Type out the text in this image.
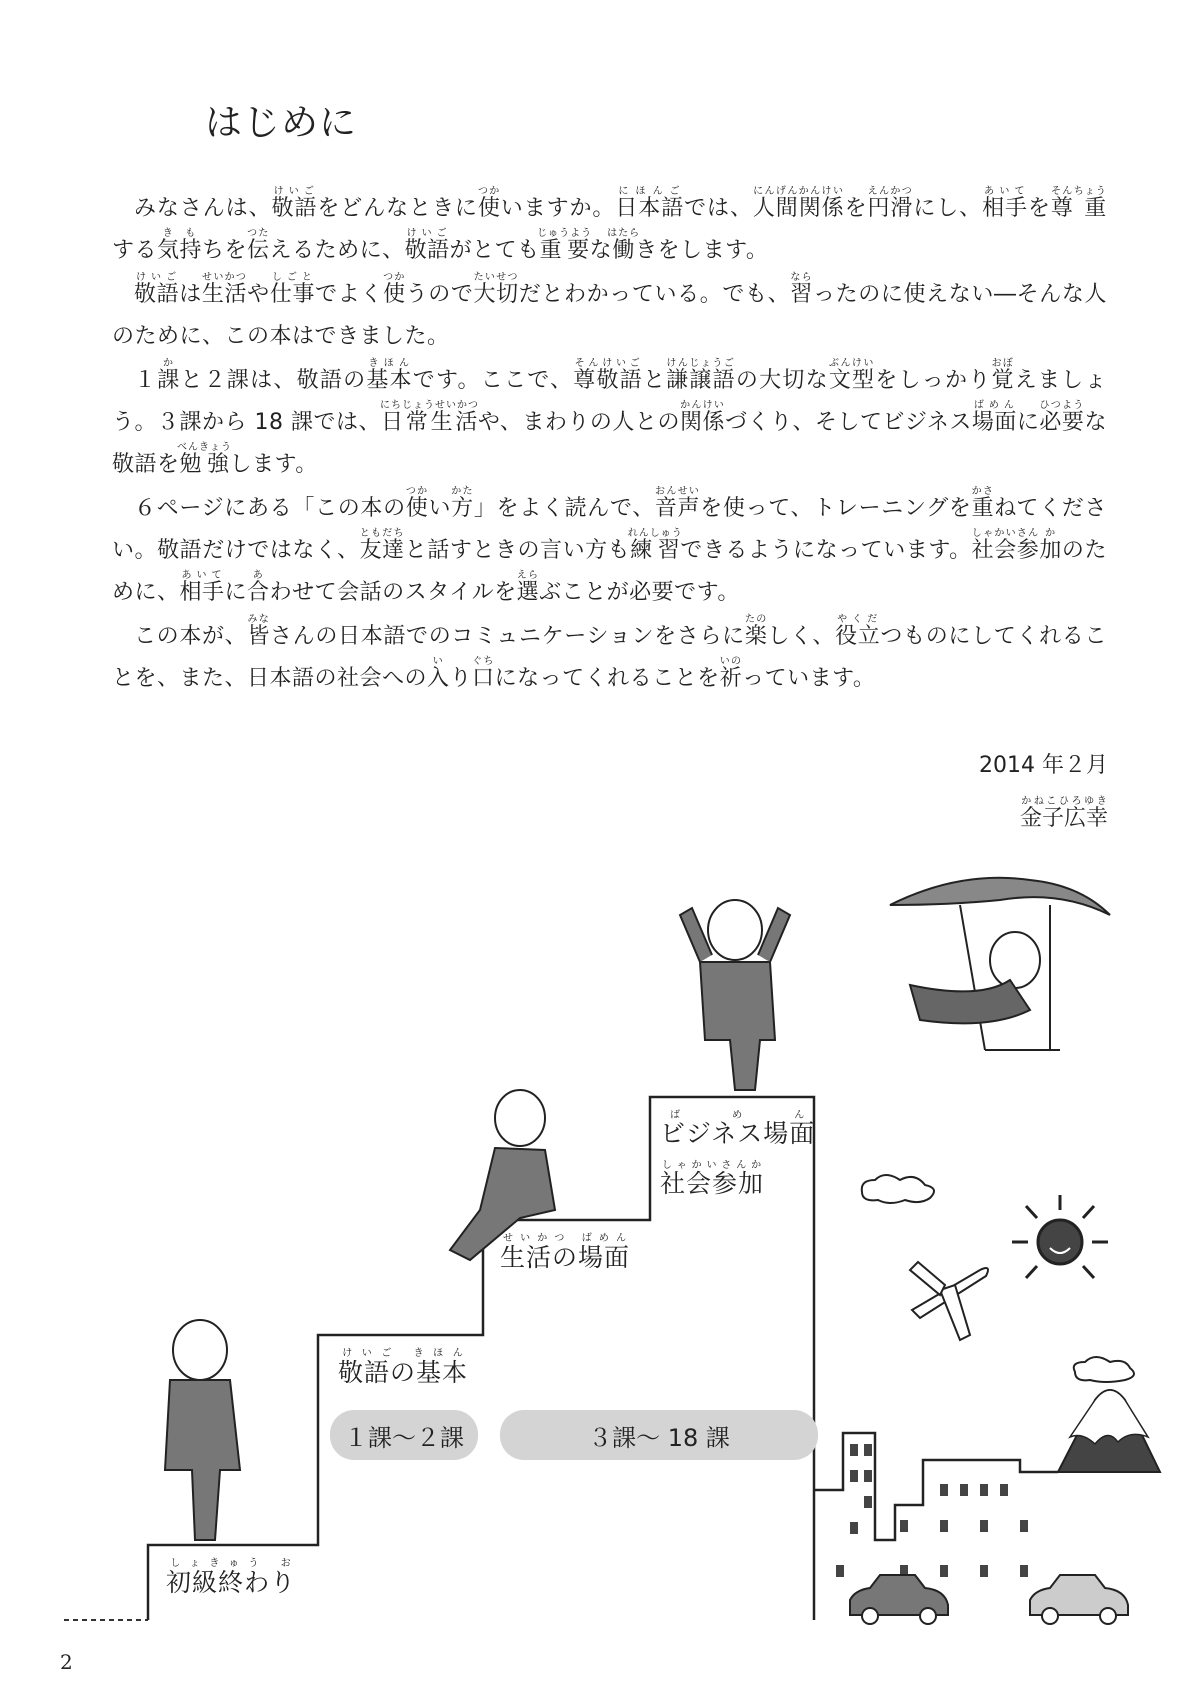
はじめに

みなさんは、敬語けいごをどんなときに使つかいますか。日本語にほんごでは、人間関係にんげんかんけいを円滑えんかつにし、相手あいてを尊そん重ちょうする気持きもちを伝つたえるために、敬語けいごがとても重要じゅうような働はたらきをします。

敬語けいごは生活せいかつや仕事しごとでよく使つかうので大切たいせつだとわかっている。でも、習ならったのに使えない―そんな人のために、この本はできました。

１課かと２課は、敬語の基本きほんです。ここで、尊敬語そんけいごと謙譲語けんじょうごの大切な文型ぶんけいをしっかり覚おぼえましょう。３課から 18 課では、日常生活にちじょうせいかつや、まわりの人との関係かんけいづくり、そしてビジネス場面ばめんに必ひつ要ような敬語を勉強べんきょうします。

６ページにある「この本の使つかい方かた」をよく読んで、音声おんせいを使って、トレーニングを重かさねてください。敬語だけではなく、友達ともだちと話すときの言い方も練習れんしゅうできるようになっています。社会参しゃかいさん加かのために、相手あいてに合あわせて会話のスタイルを選えらぶことが必要です。

この本が、皆みなさんの日本語でのコミュニケーションをさらに楽たのしく、役立やくだつものにしてくれることを、また、日本語の社会への入いり口ぐちになってくれることを祈いのっています。

2014 年２月
金子広幸かねこひろゆき
初級終わりしょきゅう お
敬語の基本けいご きほん
生活の場面せいかつ ばめん
ビジネス場面ばめん
社会参加しゃかいさんか
１課〜２課	３課〜 18 課
2
